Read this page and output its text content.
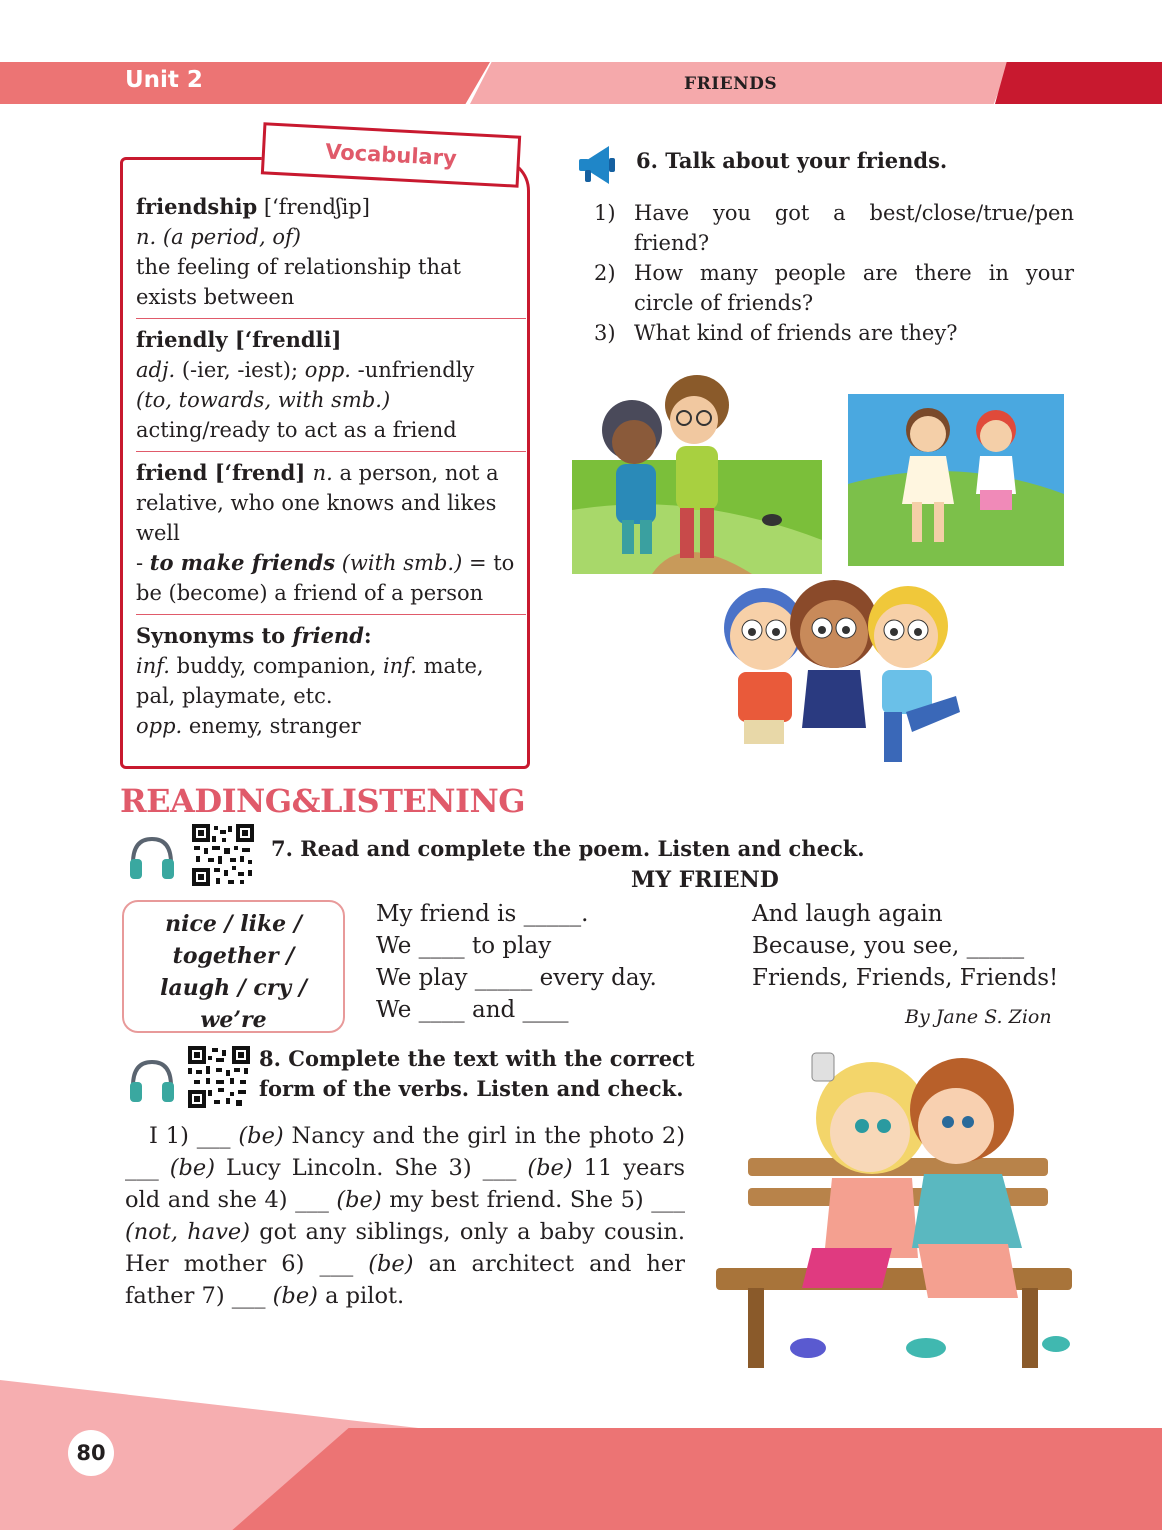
Unit 2	FRIENDS
Vocabulary
friendship [‘frendʃip]
n. (a period, of)
the feeling of relationship that exists between
friendly [‘frendli]
adj. (-ier, -iest); opp. -unfriendly
(to, towards, with smb.)
acting/ready to act as a friend
friend [‘frend] n. a person, not a relative, who one knows and likes well
- to make friends (with smb.) = to be (become) a friend of a person
Synonyms to friend:
inf. buddy, companion, inf. mate, pal, playmate, etc.
opp. enemy, stranger
6. Talk about your friends.
1) Have you got a best/close/true/pen friend?
2) How many people are there in your circle of friends?
3) What kind of friends are they?
READING&LISTENING
7. Read and complete the poem. Listen and check.
MY FRIEND
nice / like /
together /
laugh / cry /
we’re
My friend is _____.
We ____ to play
We play _____ every day.
We ____ and ____
And laugh again
Because, you see, _____
Friends, Friends, Friends!
By Jane S. Zion
8. Complete the text with the correct form of the verbs. Listen and check.
I 1) ___ (be) Nancy and the girl in the photo 2) ___ (be) Lucy Lincoln. She 3) ___ (be) 11 years old and she 4) ___ (be) my best friend. She 5) ___ (not, have) got any siblings, only a baby cousin. Her mother 6) ___ (be) an architect and her father 7) ___ (be) a pilot.
80
